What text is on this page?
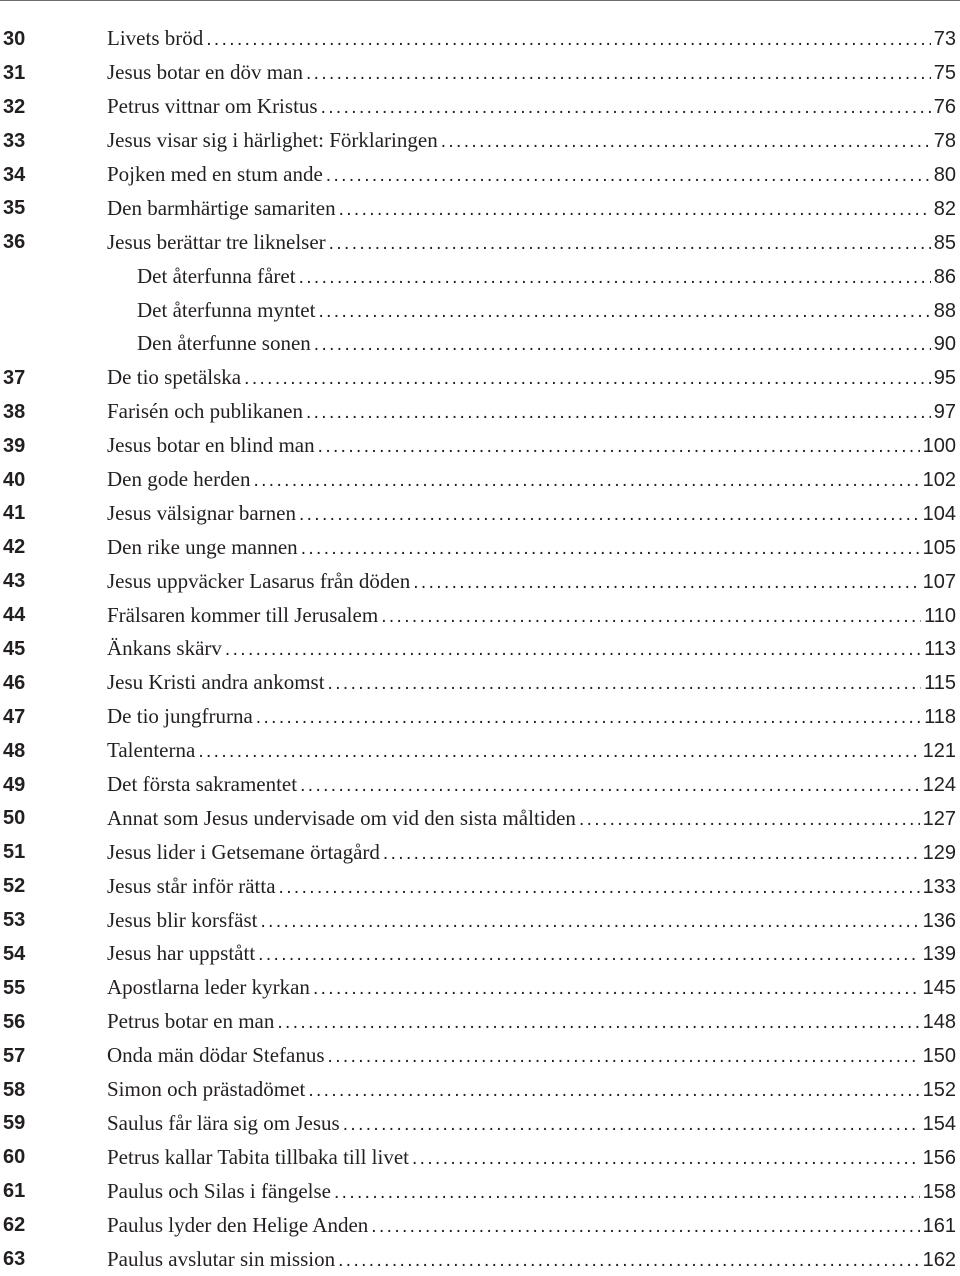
30	Livets bröd .....	73
31	Jesus botar en döv man .....	75
32	Petrus vittnar om Kristus .....	76
33	Jesus visar sig i härlighet: Förklaringen .....	78
34	Pojken med en stum ande .....	80
35	Den barmhärtige samariten .....	82
36	Jesus berättar tre liknelser .....	85
Det återfunna fåret .....	86
Det återfunna myntet .....	88
Den återfunne sonen .....	90
37	De tio spetälska .....	95
38	Farisén och publikanen .....	97
39	Jesus botar en blind man .....	100
40	Den gode herden .....	102
41	Jesus välsignar barnen .....	104
42	Den rike unge mannen .....	105
43	Jesus uppväcker Lasarus från döden .....	107
44	Frälsaren kommer till Jerusalem .....	110
45	Änkans skärv .....	113
46	Jesu Kristi andra ankomst .....	115
47	De tio jungfrurna .....	118
48	Talenterna .....	121
49	Det första sakramentet .....	124
50	Annat som Jesus undervisade om vid den sista måltiden .....	127
51	Jesus lider i Getsemane örtagård .....	129
52	Jesus står inför rätta .....	133
53	Jesus blir korsfäst .....	136
54	Jesus har uppstått .....	139
55	Apostlarna leder kyrkan .....	145
56	Petrus botar en man .....	148
57	Onda män dödar Stefanus .....	150
58	Simon och prästadömet .....	152
59	Saulus får lära sig om Jesus .....	154
60	Petrus kallar Tabita tillbaka till livet .....	156
61	Paulus och Silas i fängelse .....	158
62	Paulus lyder den Helige Anden .....	161
63	Paulus avslutar sin mission .....	162
